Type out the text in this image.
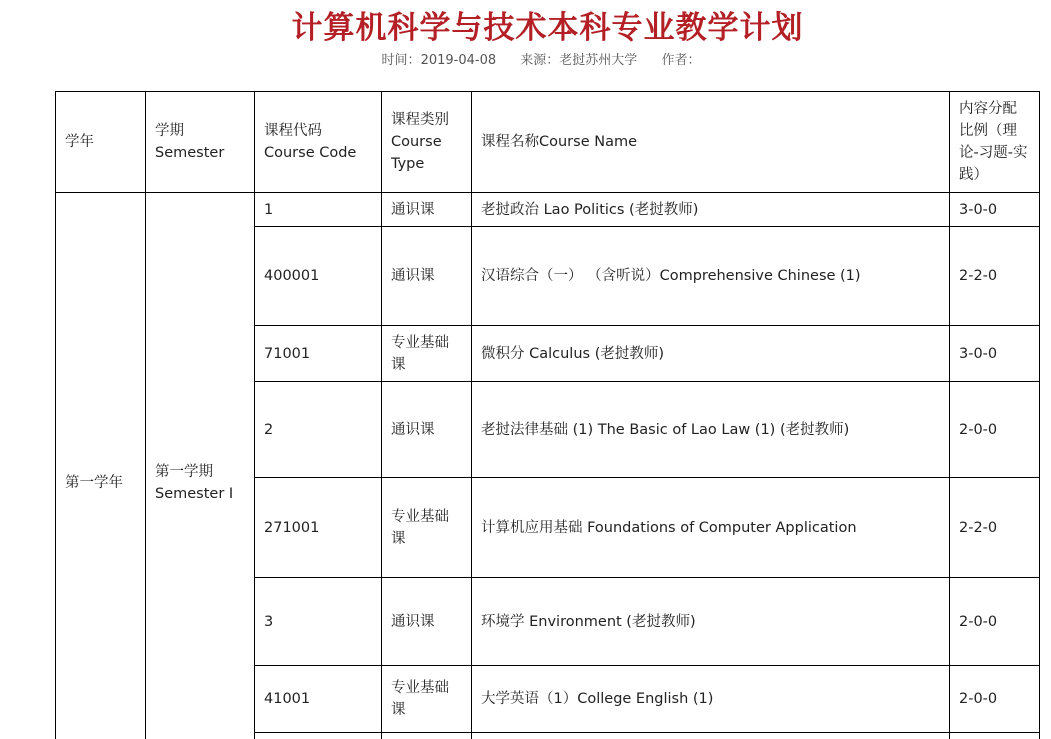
计算机科学与技术本科专业教学计划
时间：2019-04-08 来源：老挝苏州大学 作者：
学年	学期 Semester	课程代码 Course Code	课程类别 Course Type	课程名称Course Name	内容分配比例（理论-习题-实践）
第一学年	第一学期 Semester I	1	通识课	老挝政治 Lao Politics (老挝教师)	3-0-0
		400001	通识课	汉语综合（一） （含听说）Comprehensive Chinese (1)	2-2-0
		71001	专业基础课	微积分 Calculus (老挝教师)	3-0-0
		2	通识课	老挝法律基础 (1) The Basic of Lao Law (1) (老挝教师)	2-0-0
		271001	专业基础课	计算机应用基础 Foundations of Computer Application	2-2-0
		3	通识课	环境学 Environment (老挝教师)	2-0-0
		41001	专业基础课	大学英语（1）College English (1)	2-0-0
